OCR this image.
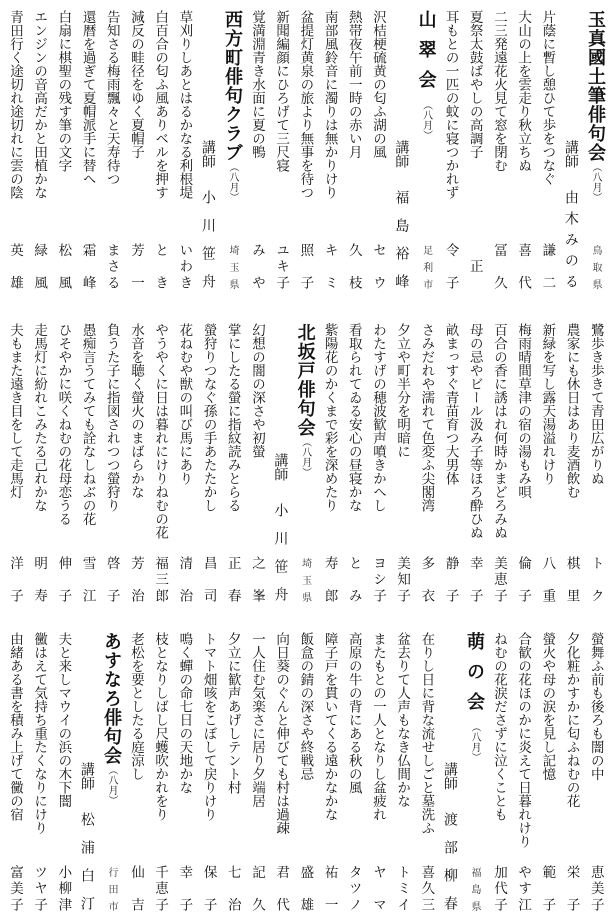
玉真國土筆俳句会（八月）
鳥取県
講師
由木みのる
片蔭に暫し憩ひて歩をつなぐ
謙二
大山の上を雲走り秋立ちぬ
喜代
二三発遠花火見て窓を閉む
冨久
夏祭太鼓ばやしの高調子
正
耳もとの一匹の蚊に寝つかれず
令子
山翠会（八月）
足利市
講師
福島裕峰
沢桔梗硫黄の匂ふ湖の風
セウ
熱帯夜午前一時の赤い月
久枝
南部風鈴音に濁りは無かりけり
キミ
盆提灯黄泉の旅より無事を待つ
照子
新聞編顔にひろげて三尺寝
ユキ子
覚満淵青き水面に夏の鴨
みや
西方町俳句クラブ（八月）
埼玉県
講師
小川笹舟
草刈りしあとはるかなる利根堤
いわき
白百合の匂ふ風ありベルを押す
とき
減反の畦径をゆく夏帽子
芳一
告知さる梅雨飄々と天寿待つ
まさる
還暦を過ぎて夏帽派手に替へ
霜峰
白扇に棋聖の残す筆の文字
松風
エンジンの音高だかと田植かな
緑風
青田行く途切れ途切れに雲の陰
英雄
鷺歩き歩きて青田広がりぬ
トク
農家にも休日はあり麦酒飲む
棋里
新緑を写し露天湯溢れけり
八重
梅雨晴間草津の宿の湯もみ唄
倫子
百合の香に誘はれ何時かまどろみぬ
美恵子
母の忌やビール汲み子等ほろ酔ひぬ
幸子
畝まっすぐ青苗育つ大男体
静子
さみだれや濡れて色変ふ尖閣湾
多衣
夕立や町半分を明暗に
美知子
わたすげの穂波歓声噴きかへし
ヨシ子
看取られてゐる安心の昼寝かな
とみ
紫陽花のかくまで彩を深めたり
寿郎
北坂戸俳句会（八月）
埼玉県
講師
小川笹舟
幻想の闇の深さや初螢
之峯
掌にしたる螢に指紋読みとらる
正春
螢狩りつなぐ孫の手あたたかし
昌司
花ねむや獣の叫び馬にあり
清治
やうやくに日は暮れにけりねむの花
福三郎
水音を聴く螢火のまばらかな
芳治
負うた子に指図されつつ螢狩り
啓子
愚痴言うてみても詮なしねぶの花
雪江
ひそやかに咲くねむの花母恋うる
伸子
走馬灯に紛れこみたる己れかな
明寿
夫もまた遠き目をして走馬灯
洋子
螢舞ふ前も後ろも闇の中
恵美子
夕化粧かすかに匂ふねむの花
栄子
螢火や母の涙を見し記憶
範子
合歓の花ほのかに炎えて日暮れけり
やす江
ねむの花涙ださずに泣くことも
加代子
萌の会（八月）
福島県
講師
渡部柳春
在りし日に背な流せしごと墓洗ふ
喜久三
盆去りて人声もなき仏間かな
トミイ
またもとの一人となりし盆疲れ
ヤマ
高原の牛の背にある秋の風
タツノ
障子戸を貫いてくる遠かなかな
祐一
飯盒の錆の深さや終戦忌
盛雄
向日葵のぐんと伸びても村は過疎
君代
一人住む気楽さに居り夕端居
記久
夕立に歓声あげしテント村
七治
トマト畑咳をこぼして戻りけり
保子
鳴く蟬の命七日の天地かな
幸子
枝となりしばし尺蠖吹かれをり
千恵子
老松を要としたる庭涼し
仙吉
あすなろ俳句会（八月）
行田市
講師
松浦白汀
夫と来しマウイの浜の木下闇
小柳津
黴はえて気持ち重たくなりにけり
ツヤ子
由緒ある書を積み上げて黴の宿
富美子
